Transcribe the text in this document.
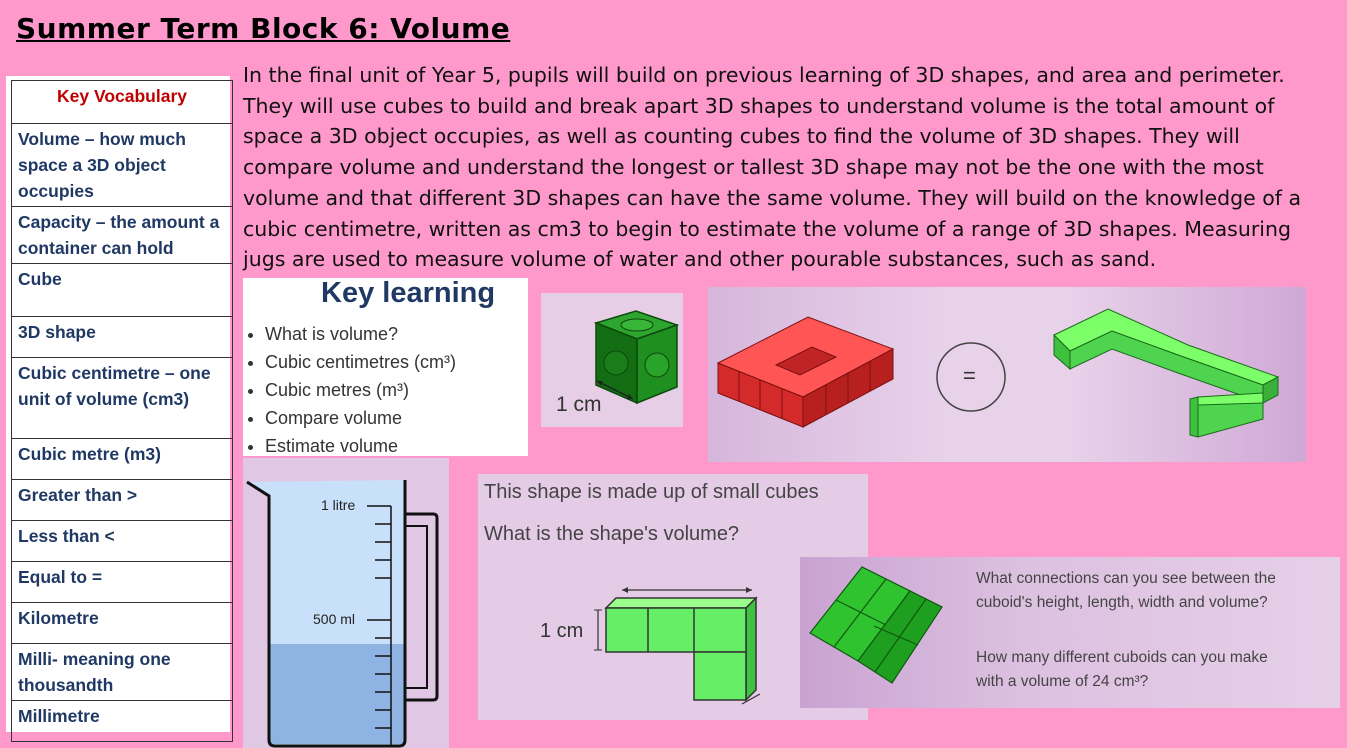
Summer Term Block 6: Volume
In the final unit of Year 5, pupils will build on previous learning of 3D shapes, and area and perimeter. They will use cubes to build and break apart 3D shapes to understand volume is the total amount of space a 3D object occupies, as well as counting cubes to find the volume of 3D shapes. They will compare volume and understand the longest or tallest 3D shape may not be the one with the most volume and that different 3D shapes can have the same volume. They will build on the knowledge of a cubic centimetre, written as cm3 to begin to estimate the volume of a range of 3D shapes. Measuring jugs are used to measure volume of water and other pourable substances, such as sand.
Key Vocabulary
Volume – how much space a 3D object occupies
Capacity – the amount a container can hold
Cube
3D shape
Cubic centimetre – one unit of volume (cm3)
Cubic metre (m3)
Greater than >
Less than <
Equal to =
Kilometre
Milli- meaning one thousandth
Millimetre
Key learning
• What is volume?
• Cubic centimetres (cm³)
• Cubic metres (m³)
• Compare volume
• Estimate volume
1 cm
=
1 litre
500 ml
This shape is made up of small cubes
What is the shape's volume?
1 cm
What connections can you see between the
cuboid's height, length, width and volume?
How many different cuboids can you make
with a volume of 24 cm³?
